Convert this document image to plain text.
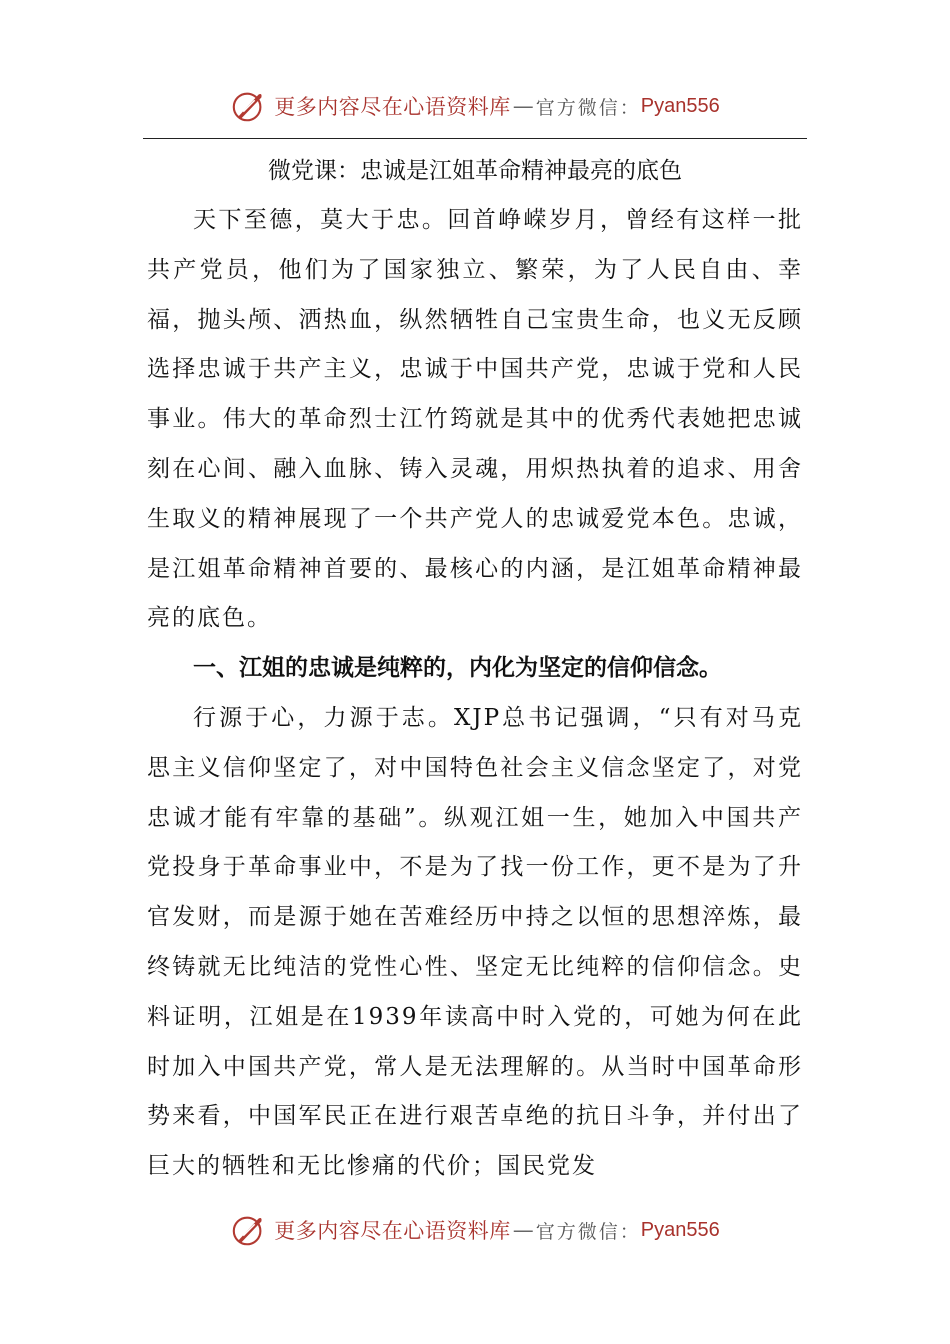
更多内容尽在心语资料库 — 官方微信： Pyan556
微党课：忠诚是江姐革命精神最亮的底色

天下至德，莫大于忠。回首峥嵘岁月，曾经有这样一批共产党员，他们为了国家独立、繁荣，为了人民自由、幸福，抛头颅、洒热血，纵然牺牲自己宝贵生命，也义无反顾选择忠诚于共产主义，忠诚于中国共产党，忠诚于党和人民事业。伟大的革命烈士江竹筠就是其中的优秀代表她把忠诚刻在心间、融入血脉、铸入灵魂，用炽热执着的追求、用舍生取义的精神展现了一个共产党人的忠诚爱党本色。忠诚，是江姐革命精神首要的、最核心的内涵，是江姐革命精神最亮的底色。

一、江姐的忠诚是纯粹的，内化为坚定的信仰信念。

行源于心，力源于志。XJP总书记强调，“只有对马克思主义信仰坚定了，对中国特色社会主义信念坚定了，对党忠诚才能有牢靠的基础”。纵观江姐一生，她加入中国共产党投身于革命事业中，不是为了找一份工作，更不是为了升官发财，而是源于她在苦难经历中持之以恒的思想淬炼，最终铸就无比纯洁的党性心性、坚定无比纯粹的信仰信念。史料证明，江姐是在1939年读高中时入党的，可她为何在此时加入中国共产党，常人是无法理解的。从当时中国革命形势来看，中国军民正在进行艰苦卓绝的抗日斗争，并付出了巨大的牺牲和无比惨痛的代价；国民党发

更多内容尽在心语资料库 — 官方微信： Pyan556
